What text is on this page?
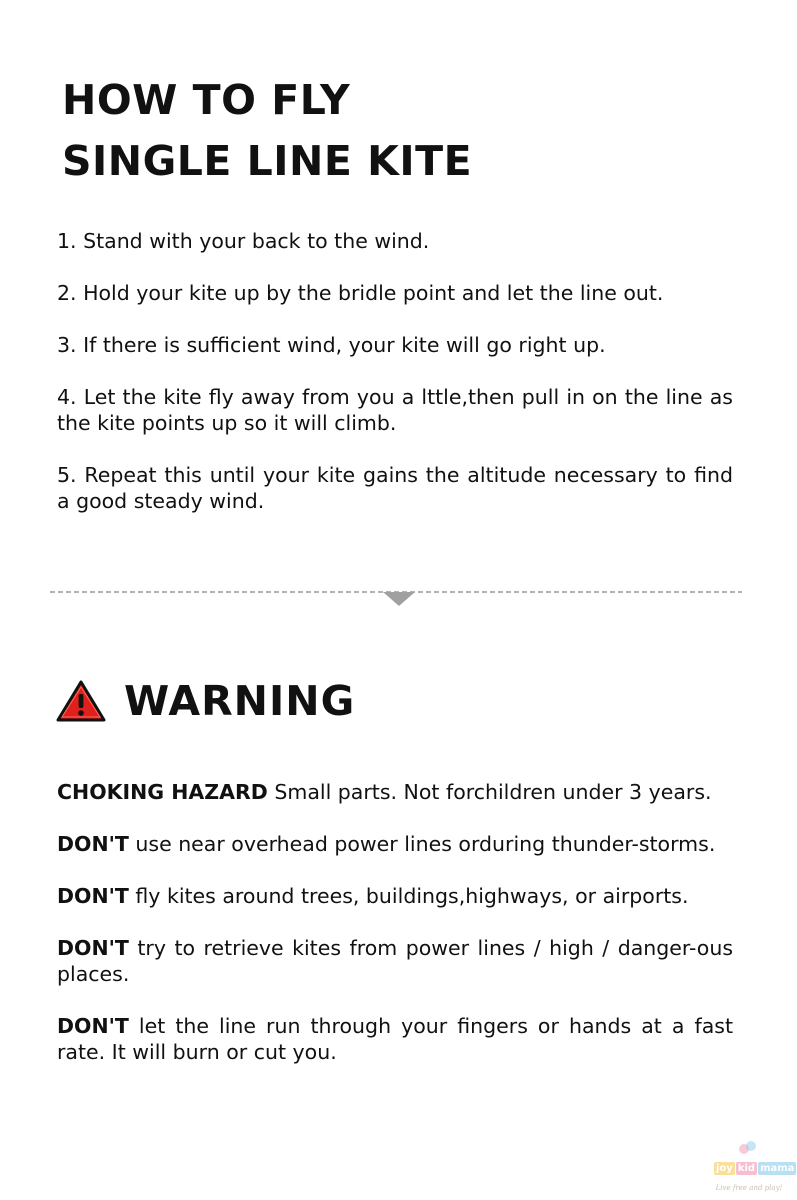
HOW TO FLY
SINGLE LINE KITE
1. Stand with your back to the wind.
2. Hold your kite up by the bridle point and let the line out.
3. If there is sufficient wind, your kite will go right up.
4. Let the kite fly away from you a lttle,then pull in on the line as the kite points up so it will climb.
5. Repeat this until your kite gains the altitude necessary to find a good steady wind.
WARNING
CHOKING HAZARD Small parts. Not forchildren under 3 years.
DON'T use near overhead power lines orduring thunder-storms.
DON'T fly kites around trees, buildings,highways, or airports.
DON'T try to retrieve kites from power lines / high / danger-ous places.
DON'T let the line run through your fingers or hands at a fast rate. It will burn or cut you.
joy kid mama
Live free and play!
